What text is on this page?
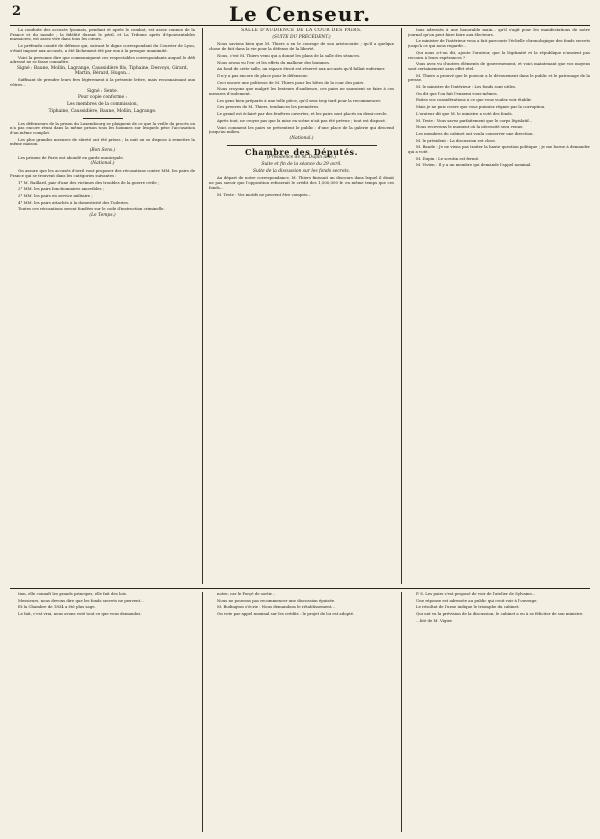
2	Le Censeur.

La conduite des accusés lyonnais, pendant et après le combat, est assez connue de la France et du monde ; la fidélité durant le péril, et La Tribune après d'épouvantables massacres, est assez vive dans tous les cœurs.

Le préfendu comité de défense qui, suivant le digne correspondant du Courrier de Lyon, s'était imposé aux accusés, a été lâchement été par eux à la presque unanimité.

Voici la personne dire que communiquent ces respectables correspondants auquel le défi adressé ne se fasse connaître.

Signé : Baune, Mollin, Lagrange, Caussidière fils, Tiphaine, Desvoys, Girard, Martin, Bérard, Hugon...

Suffisant de prendre leurs fers légèrement à la présente lettre, mais reconnaissant aux vôtres...

Signé : Sente.

Pour copie conforme :

Les membres de la commission,

Tiphaine, Caussidière, Baune, Mollin, Lagrange.

Les défenseurs de la prison du Luxembourg se plaignent de ce que la veille du procès on n'a pas encore réuni dans la même prison tous les hommes sur lesquels pèse l'accusation d'un même complot.

Les plus grandes mesures de sûreté ont été prises ; la nuit on se dispose à remettre la même maison.

(Bon Sens.)

Les prisons de Paris ont abondé en garde municipale.

(National.)

On assure que les accusés d'avril vont proposer des récusations contre MM. les pairs de France qui se trouvent dans les catégories suivantes :

1° M. Raillard, pair d'une des victimes des troubles de la guerre civile ;

2° MM. les pairs fonctionnaires amovibles ;

3° MM. les pairs en service militaire ;

4° MM. les pairs attachés à la domesticité des Tuileries.

Toutes ces récusations seront fondées sur le code d'instruction criminelle.

(Le Temps.)

SALLE D'AUDIENCE DE LA COUR DES PAIRS.
(SUITE DU PRÉCÉDENT.)

Nous savions bien que M. Thiers a en le courage de son aristocratie ; qu'il a quelque chose de fait dans la vie pour la défense de la liberté.

Nous, c'est M. Thiers venu qui a donné les plans de la salle des séances.

Nous avons vu l'ex- et les effets du malheur des hommes.

Au fond de cette salle, un espace étroit est réservé aux accusés qu'il fallait enfermer.

Il n'y a pas encore de place pour le défenseur.

Ceci encore une politesse de M. Thiers pour les hôtes de la cour des pairs.

Nous croyons que malgré les lenteurs d'audience, ces pairs ne sauraient se faire à ces mesures d'isolement.

Les gens bien préparés à une telle pièce, qu'il sera trop tard pour la recommencer.

Ces preuves de M. Thiers, tendances les premières.

Le grand est éclairé par des fenêtres ouvertes, et les pairs sont placés en demi-cercle.

Après tout, ne croyez pas que la mise en scène n'ait pas été prévue ; tout est disposé.

Voici comment les pairs se présentent le public : d'une place de la galerie qui descend jusqu'au milieu.

(National.)

Chambre des Députés.
(Présidence de M. Dupin aîné.)
Suite et fin de la séance du 29 avril.
Suite de la discussion sur les fonds secrets.

Au départ de notre correspondance, M. Thiers finissait un discours dans lequel il disait ne pas savoir que l'opposition refuserait le crédit des 1,500,000 fr. en même temps que ces fonds...

M. Teste : Vos motifs ne peuvent être compris...

tous adressés à une honorable main... qu'il s'agit pour les manifestations de notre journal qu'on peut faire faire aux électeurs.

Le ministre de l'intérieur vous a fait parcourir l'échelle chronologique des fonds secrets jusqu'à ce qui nous regarde...

Qui nous a-t-on dit, ajoute l'orateur, que la légitimité et la république n'avaient pas recouru à leurs espérances ?

Vous avez vu d'autres éléments de gouvernement, et voici maintenant que vos moyens sont certainement sans effet réel.

M. Thiers a prouvé que le pouvoir a le dévouement dans le public et le patronage de la presse.

M. le ministre de l'intérieur : Les fonds sont utiles.

On dit que l'on fait l'ennemi vous-mêmes.

Faites vos considérations à ce que vous voulez voir établir.

Mais je ne puis croire que vous puissiez régner par la corruption.

L'orateur dit que M. le ministre a voté des fonds.

M. Teste : Vous savez parfaitement que le corps législatif...

Nous recevrons le moment où la nécessité sera venue.

Les membres du cabinet ont voulu conserver une direction.

M. le président : La discussion est close.

M. Baude : Je ne viens pas traiter la haute question politique ; je me borne à demander qui a voté.

M. Dupin : Le scrutin est fermé.

M. Vivien : Il y a un membre qui demande l'appel nominal.

tion, elle connaît les grands principes, elle fait des lois.

Messieurs, nous devons dire que les fonds secrets ne peuvent...

Et la Chambre de 1834 a été plus sage.

Le fait, c'est vrai, nous avons voté tout ce que vous demandez.

notre, car le Forçé de sortir...

Nous ne pouvons pas recommencer une discussion épuisée.

M. Bodington s'écrie : Nous demandons le rétablissement...

On vote par appel nominal sur les crédits : le projet de loi est adopté.

P. S. Les pairs s'est proposé de voir de l'atelier de Sylvaine...

Une réponse est adressée au public qui croit voir à l'ouvrage.

Le résultat de l'urne indique le triomphe du cabinet.

Qui ont vu la prévision de la discussion, le cabinet a eu à se féliciter de son ministre.

…lité de M. Vigier.
